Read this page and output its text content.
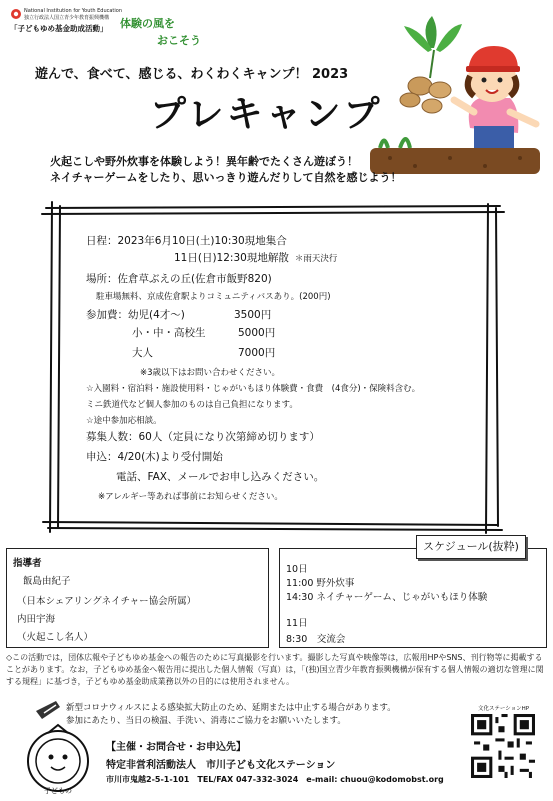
National Institution for Youth Education
独立行政法人国立青少年教育振興機構
「子どもゆめ基金助成活動」	体験の風を
おこそう
遊んで、食べて、感じる、わくわくキャンプ！ 2023
プレキャンプ
火起こしや野外炊事を体験しよう！異年齢でたくさん遊ぼう！
ネイチャーゲームをしたり、思いっきり遊んだりして自然を感じよう！
日程：2023年6月10日(土)10:30現地集合
11日(日)12:30現地解散 ＊雨天決行
場所：佐倉草ぶえの丘(佐倉市飯野820)
駐車場無料、京成佐倉駅よりコミュニティバスあり。(200円)
参加費：幼児(4才～)	3500円
小・中・高校生	5000円
大人	7000円
※3歳以下はお問い合わせください。
☆入園料・宿泊料・施設使用料・じゃがいもほり体験費・食費　(4食分)・保険料含む。
ミニ鉄道代など個人参加のものは自己負担になります。
☆途中参加応相談。
募集人数：60人（定員になり次第締め切ります）
申込：4/20(木)より受付開始
電話、FAX、メールでお申し込みください。
※アレルギー等あれば事前にお知らせください。
指導者
飯島由紀子
（日本シェアリングネイチャー協会所属）
内田宇海
（火起こし名人）
10日
11:00 野外炊事
14:30 ネイチャーゲーム、じゃがいもほり体験
11日
8:30　交流会
スケジュール(抜粋)
◇この活動では，団体広報や子どもゆめ基金への報告のために写真撮影を行います。撮影した写真や映像等は，広報用HPやSNS、刊行物等に掲載することがあります。なお，子どもゆめ基金へ報告用に提出した個人情報（写真）は，「(独)国立青少年教育振興機構が保有する個人情報の適切な管理に関する規程」に基づき，子どもゆめ基金助成業務以外の目的には使用されません。
子どもの
新型コロナウィルスによる感染拡大防止のため、延期または中止する場合があります。
参加にあたり、当日の検温、手洗い、消毒にご協力をお願いいたします。
【主催・お問合せ・お申込先】
特定非営利活動法人　市川子ども文化ステーション
市川市鬼越2-5-1-101　TEL/FAX 047-332-3024　e-mail: chuou@kodomobst.org
文化ステーションHP
